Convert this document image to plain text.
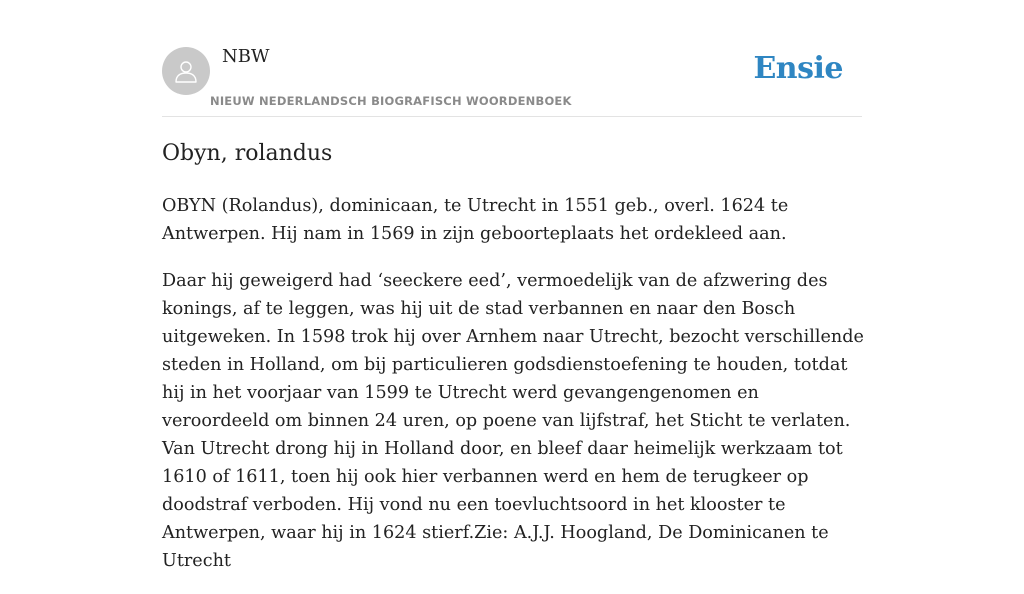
NBW
NIEUW NEDERLANDSCH BIOGRAFISCH WOORDENBOEK
Ensie
Obyn, rolandus

OBYN (Rolandus), dominicaan, te Utrecht in 1551 geb., overl. 1624 te Antwerpen. Hij nam in 1569 in zijn geboorteplaats het ordekleed aan.

Daar hij geweigerd had ‘seeckere eed’, vermoedelijk van de afzwering des konings, af te leggen, was hij uit de stad verbannen en naar den Bosch uitgeweken. In 1598 trok hij over Arnhem naar Utrecht, bezocht verschillende steden in Holland, om bij particulieren godsdienstoefening te houden, totdat hij in het voorjaar van 1599 te Utrecht werd gevangengenomen en veroordeeld om binnen 24 uren, op poene van lijfstraf, het Sticht te verlaten. Van Utrecht drong hij in Holland door, en bleef daar heimelijk werkzaam tot 1610 of 1611, toen hij ook hier verbannen werd en hem de terugkeer op doodstraf verboden. Hij vond nu een toevluchtsoord in het klooster te Antwerpen, waar hij in 1624 stierf.Zie: A.J.J. Hoogland, De Dominicanen te Utrecht
